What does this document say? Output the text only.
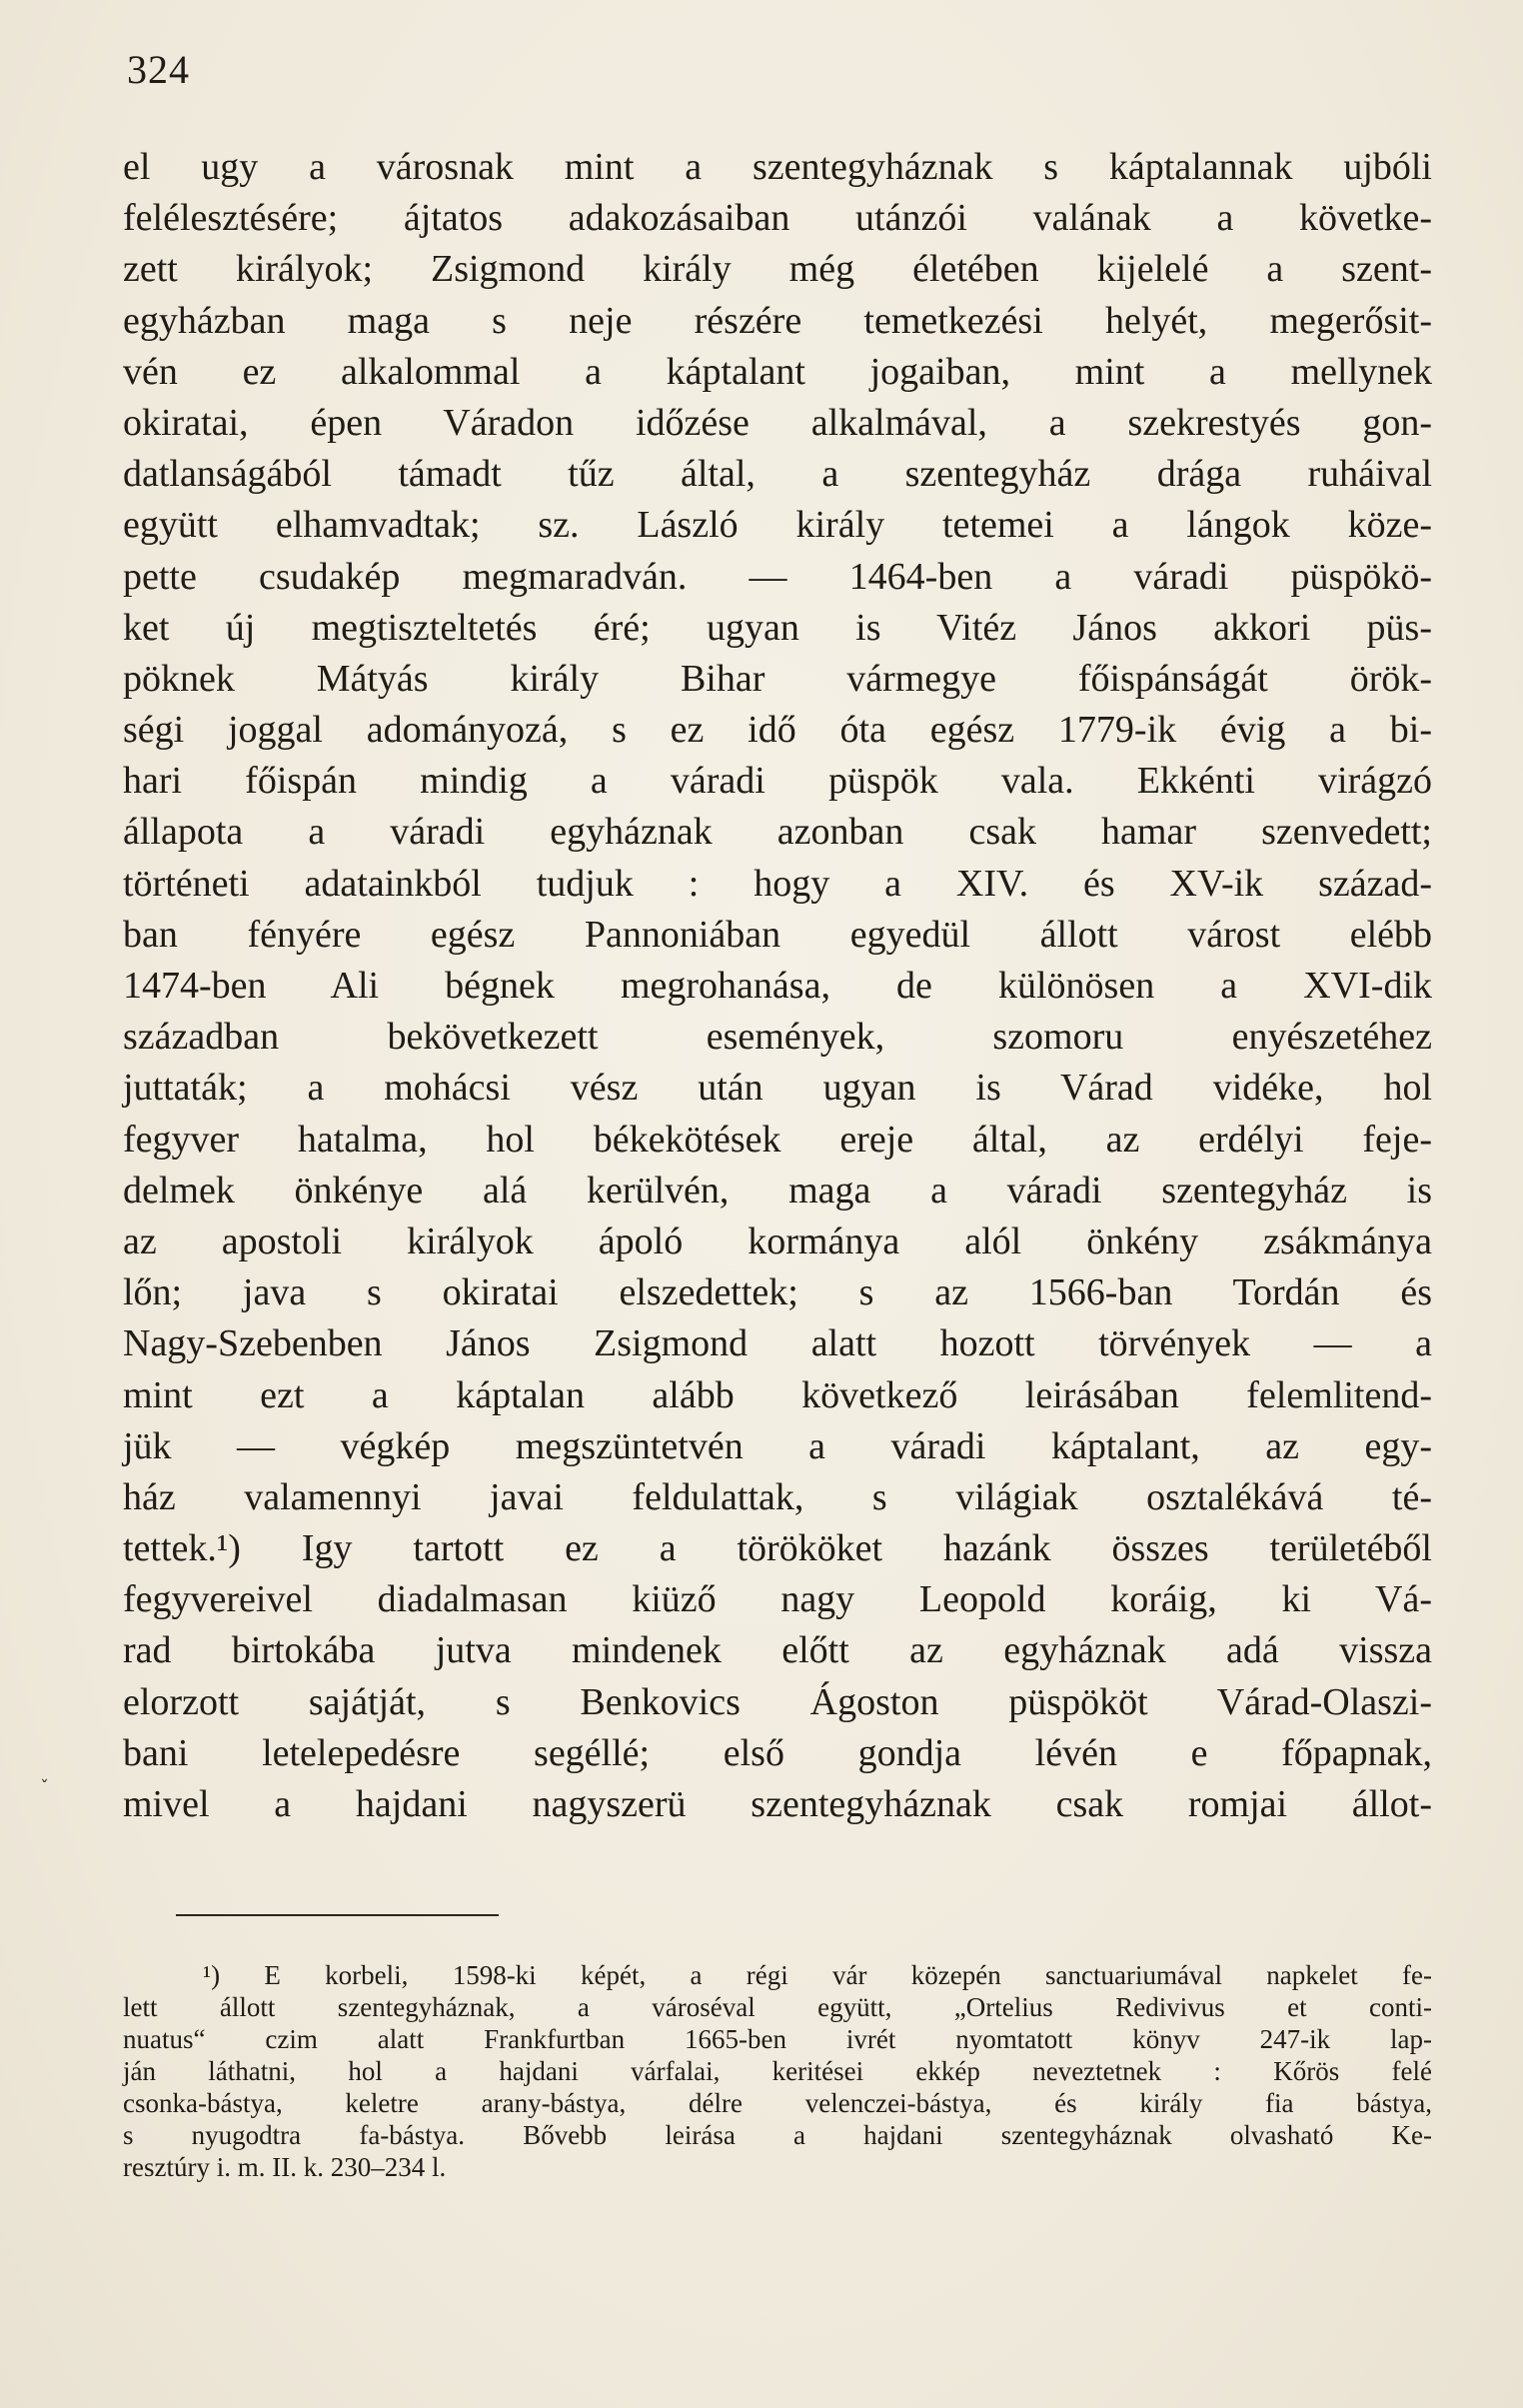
324
el ugy a városnak mint a szentegyháznak s káptalannak ujbóli
felélesztésére; ájtatos adakozásaiban utánzói valának a követke-
zett királyok; Zsigmond király még életében kijelelé a szent-
egyházban maga s neje részére temetkezési helyét, megerősit-
vén ez alkalommal a káptalant jogaiban, mint a mellynek
okiratai, épen Váradon időzése alkalmával, a szekrestyés gon-
datlanságából támadt tűz által, a szentegyház drága ruháival
együtt elhamvadtak; sz. László király tetemei a lángok köze-
pette csudakép megmaradván. — 1464-ben a váradi püspökö-
ket új megtiszteltetés éré; ugyan is Vitéz János akkori püs-
pöknek Mátyás király Bihar vármegye főispánságát örök-
ségi joggal adományozá, s ez idő óta egész 1779-ik évig a bi-
hari főispán mindig a váradi püspök vala. Ekkénti virágzó
állapota a váradi egyháznak azonban csak hamar szenvedett;
történeti adatainkból tudjuk : hogy a XIV. és XV-ik század-
ban fényére egész Pannoniában egyedül állott várost elébb
1474-ben Ali bégnek megrohanása, de különösen a XVI-dik
században bekövetkezett események, szomoru enyészetéhez
juttaták; a mohácsi vész után ugyan is Várad vidéke, hol
fegyver hatalma, hol békekötések ereje által, az erdélyi feje-
delmek önkénye alá kerülvén, maga a váradi szentegyház is
az apostoli királyok ápoló kormánya alól önkény zsákmánya
lőn; java s okiratai elszedettek; s az 1566-ban Tordán és
Nagy-Szebenben János Zsigmond alatt hozott törvények — a
mint ezt a káptalan alább következő leirásában felemlitend-
jük — végkép megszüntetvén a váradi káptalant, az egy-
ház valamennyi javai feldulattak, s világiak osztalékává té-
tettek.¹) Igy tartott ez a törököket hazánk összes területéből
fegyvereivel diadalmasan kiüző nagy Leopold koráig, ki Vá-
rad birtokába jutva mindenek előtt az egyháznak adá vissza
elorzott sajátját, s Benkovics Ágoston püspököt Várad-Olaszi-
bani letelepedésre segéllé; első gondja lévén e főpapnak,
mivel a hajdani nagyszerü szentegyháznak csak romjai állot-
¹) E korbeli, 1598-ki képét, a régi vár közepén sanctuariumával napkelet fe-
lett állott szentegyháznak, a városéval együtt, „Ortelius Redivivus et conti-
nuatus“ czim alatt Frankfurtban 1665-ben ivrét nyomtatott könyv 247-ik lap-
ján láthatni, hol a hajdani várfalai, keritései ekkép neveztetnek : Kőrös felé
csonka-bástya, keletre arany-bástya, délre velenczei-bástya, és király fia bástya,
s nyugodtra fa-bástya. Bővebb leirása a hajdani szentegyháznak olvasható Ke-
resztúry i. m. II. k. 230–234 l.
ˇ
